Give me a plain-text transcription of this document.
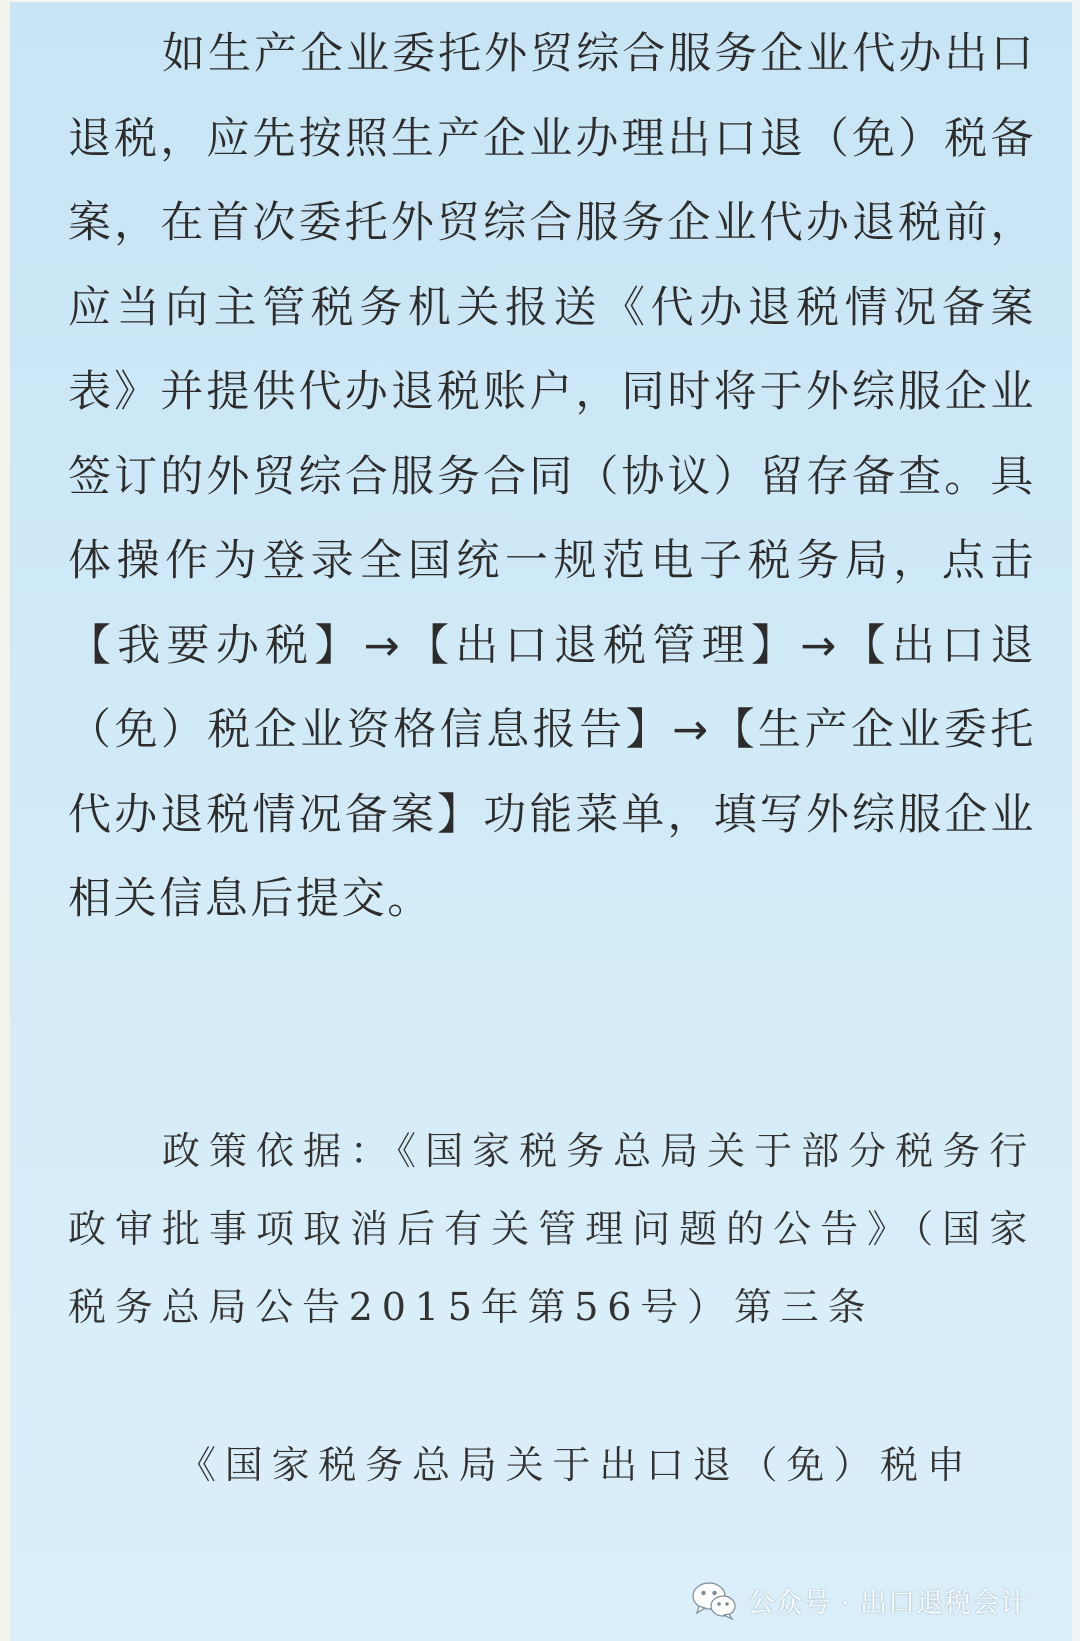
如生产企业委托外贸综合服务企业代办出口退税，应先按照生产企业办理出口退（免）税备案，在首次委托外贸综合服务企业代办退税前，应当向主管税务机关报送《代办退税情况备案表》并提供代办退税账户，同时将于外综服企业签订的外贸综合服务合同（协议）留存备查。具体操作为登录全国统一规范电子税务局，点击【我要办税】→【出口退税管理】→【出口退（免）税企业资格信息报告】→【生产企业委托代办退税情况备案】功能菜单，填写外综服企业相关信息后提交。

政策依据：《国家税务总局关于部分税务行政审批事项取消后有关管理问题的公告》（国家税务总局公告2015年第56号）第三条

《国家税务总局关于出口退（免）税申

公众号 · 出口退税会计
